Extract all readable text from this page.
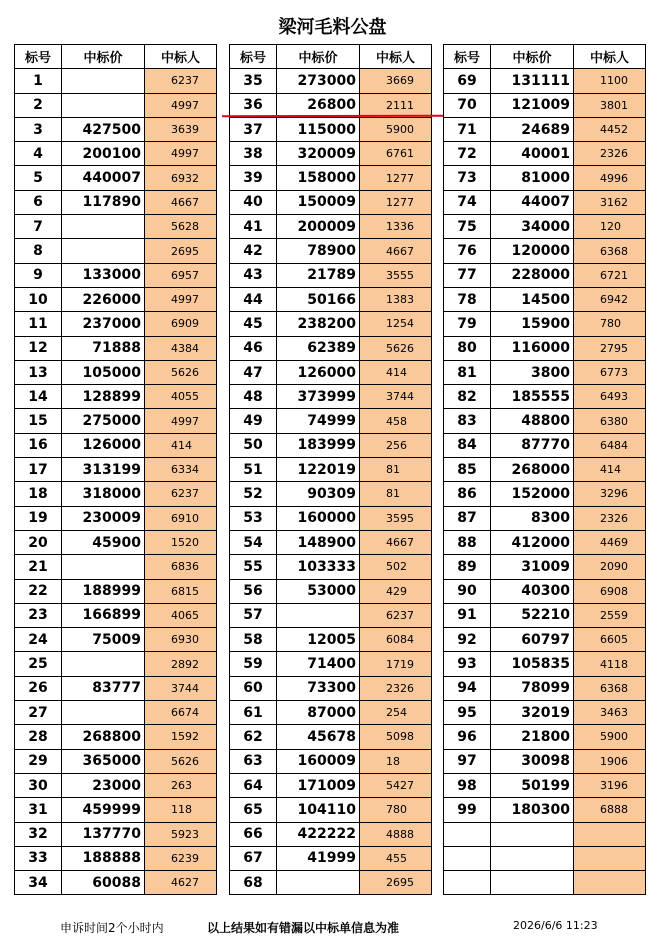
梁河毛料公盘
标号	中标价	中标人
1		6237
2		4997
3	427500	3639
4	200100	4997
5	440007	6932
6	117890	4667
7		5628
8		2695
9	133000	6957
10	226000	4997
11	237000	6909
12	71888	4384
13	105000	5626
14	128899	4055
15	275000	4997
16	126000	414
17	313199	6334
18	318000	6237
19	230009	6910
20	45900	1520
21		6836
22	188999	6815
23	166899	4065
24	75009	6930
25		2892
26	83777	3744
27		6674
28	268800	1592
29	365000	5626
30	23000	263
31	459999	118
32	137770	5923
33	188888	6239
34	60088	4627
标号	中标价	中标人
35	273000	3669
36	26800	2111
37	115000	5900
38	320009	6761
39	158000	1277
40	150009	1277
41	200009	1336
42	78900	4667
43	21789	3555
44	50166	1383
45	238200	1254
46	62389	5626
47	126000	414
48	373999	3744
49	74999	458
50	183999	256
51	122019	81
52	90309	81
53	160000	3595
54	148900	4667
55	103333	502
56	53000	429
57		6237
58	12005	6084
59	71400	1719
60	73300	2326
61	87000	254
62	45678	5098
63	160009	18
64	171009	5427
65	104110	780
66	422222	4888
67	41999	455
68		2695
标号	中标价	中标人
69	131111	1100
70	121009	3801
71	24689	4452
72	40001	2326
73	81000	4996
74	44007	3162
75	34000	120
76	120000	6368
77	228000	6721
78	14500	6942
79	15900	780
80	116000	2795
81	3800	6773
82	185555	6493
83	48800	6380
84	87770	6484
85	268000	414
86	152000	3296
87	8300	2326
88	412000	4469
89	31009	2090
90	40300	6908
91	52210	2559
92	60797	6605
93	105835	4118
94	78099	6368
95	32019	3463
96	21800	5900
97	30098	1906
98	50199	3196
99	180300	6888

申诉时间2个小时内	以上结果如有错漏以中标单信息为准	2026/6/6 11:23
